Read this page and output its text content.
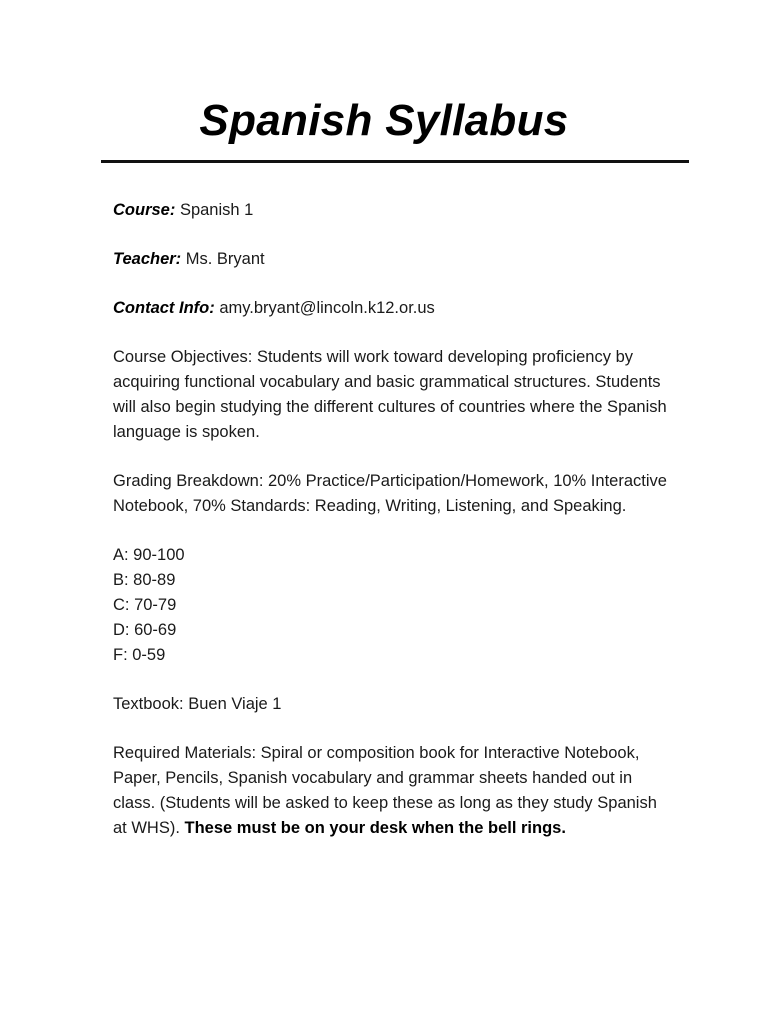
Spanish Syllabus

Course: Spanish 1

Teacher: Ms. Bryant

Contact Info: amy.bryant@lincoln.k12.or.us

Course Objectives: Students will work toward developing proficiency by acquiring functional vocabulary and basic grammatical structures. Students will also begin studying the different cultures of countries where the Spanish language is spoken.

Grading Breakdown: 20% Practice/Participation/Homework, 10% Interactive Notebook, 70% Standards: Reading, Writing, Listening, and Speaking.

A: 90-100
B: 80-89
C: 70-79
D: 60-69
F: 0-59

Textbook: Buen Viaje 1

Required Materials: Spiral or composition book for Interactive Notebook, Paper, Pencils, Spanish vocabulary and grammar sheets handed out in class. (Students will be asked to keep these as long as they study Spanish at WHS). These must be on your desk when the bell rings.
